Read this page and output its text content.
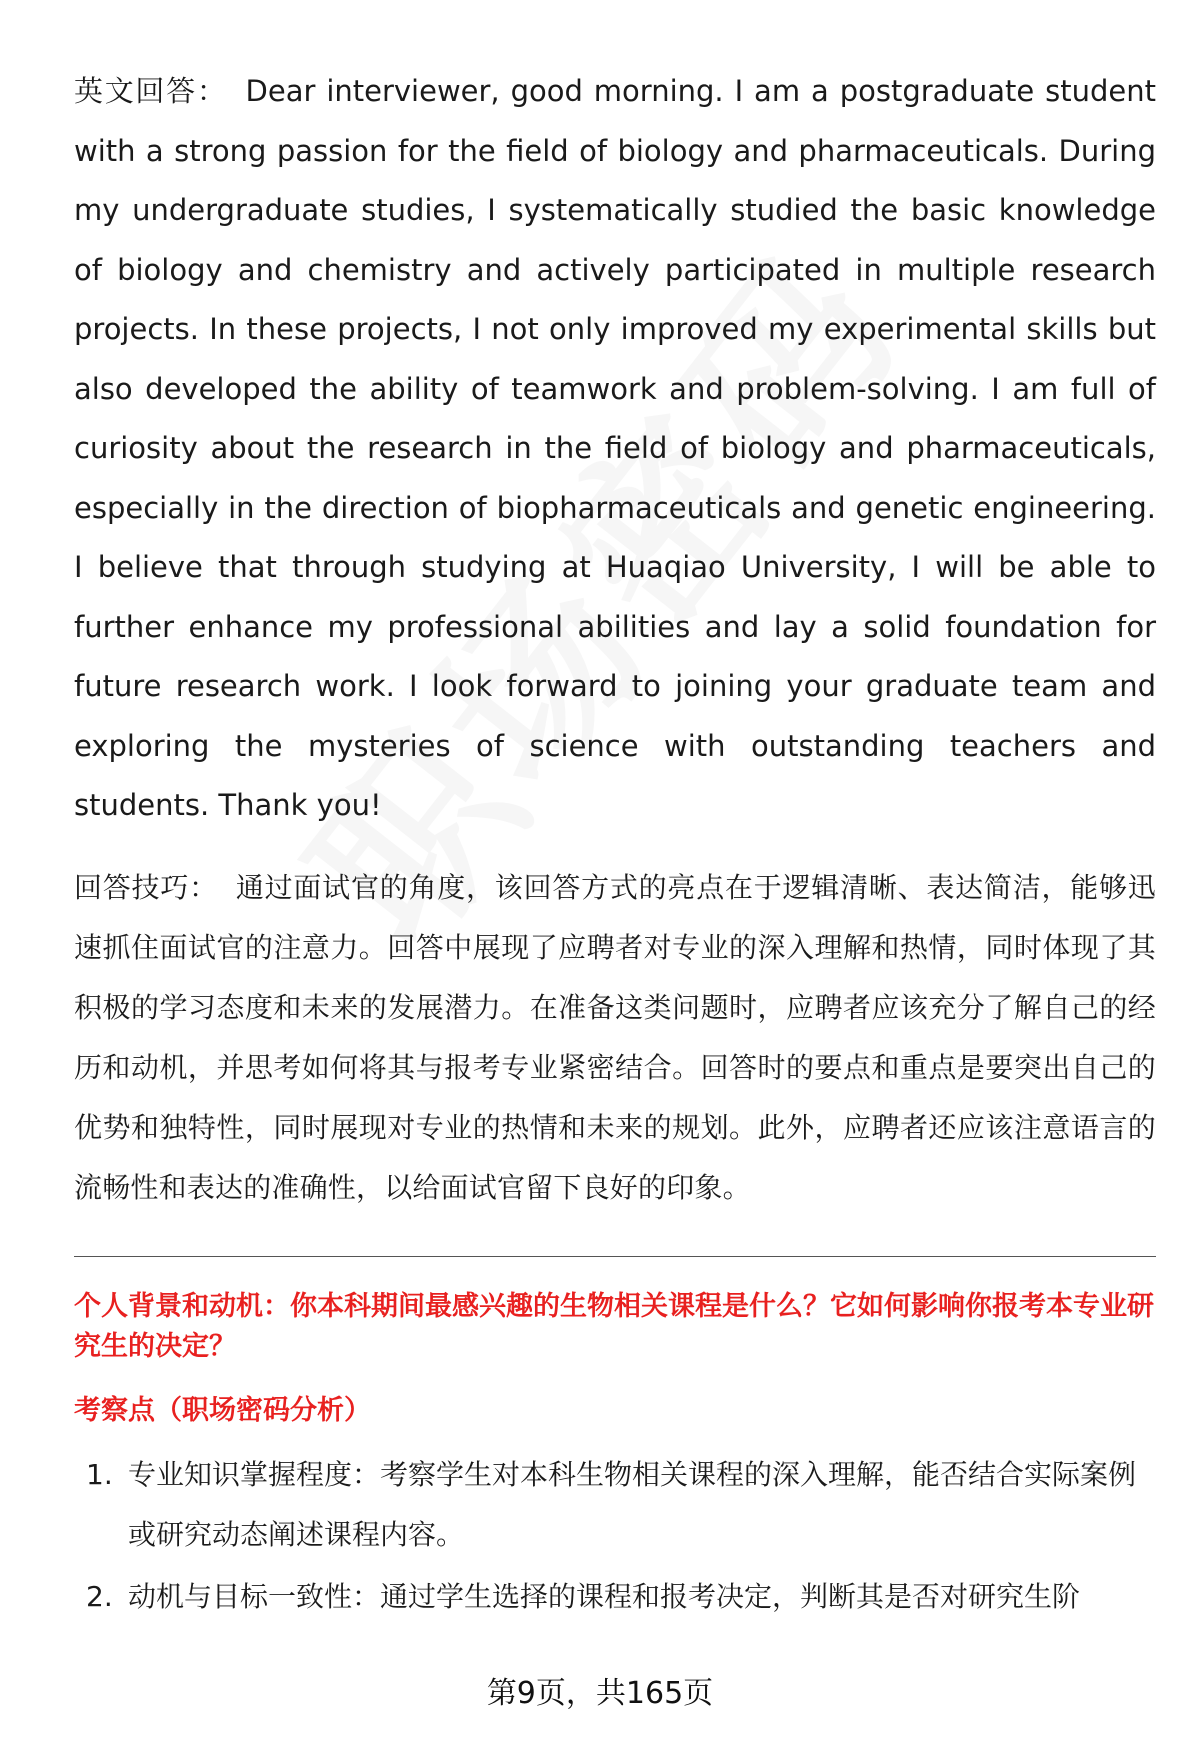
英文回答： Dear interviewer, good morning. I am a postgraduate student with a strong passion for the field of biology and pharmaceuticals. During my undergraduate studies, I systematically studied the basic knowledge of biology and chemistry and actively participated in multiple research projects. In these projects, I not only improved my experimental skills but also developed the ability of teamwork and problem-solving. I am full of curiosity about the research in the field of biology and pharmaceuticals, especially in the direction of biopharmaceuticals and genetic engineering. I believe that through studying at Huaqiao University, I will be able to further enhance my professional abilities and lay a solid foundation for future research work. I look forward to joining your graduate team and exploring the mysteries of science with outstanding teachers and students. Thank you!

回答技巧： 通过面试官的角度，该回答方式的亮点在于逻辑清晰、表达简洁，能够迅速抓住面试官的注意力。回答中展现了应聘者对专业的深入理解和热情，同时体现了其积极的学习态度和未来的发展潜力。在准备这类问题时，应聘者应该充分了解自己的经历和动机，并思考如何将其与报考专业紧密结合。回答时的要点和重点是要突出自己的优势和独特性，同时展现对专业的热情和未来的规划。此外，应聘者还应该注意语言的流畅性和表达的准确性，以给面试官留下良好的印象。

个人背景和动机：你本科期间最感兴趣的生物相关课程是什么？它如何影响你报考本专业研究生的决定？

考察点（职场密码分析）

1. 专业知识掌握程度：考察学生对本科生物相关课程的深入理解，能否结合实际案例或研究动态阐述课程内容。
2. 动机与目标一致性：通过学生选择的课程和报考决定，判断其是否对研究生阶
第9页，共165页
